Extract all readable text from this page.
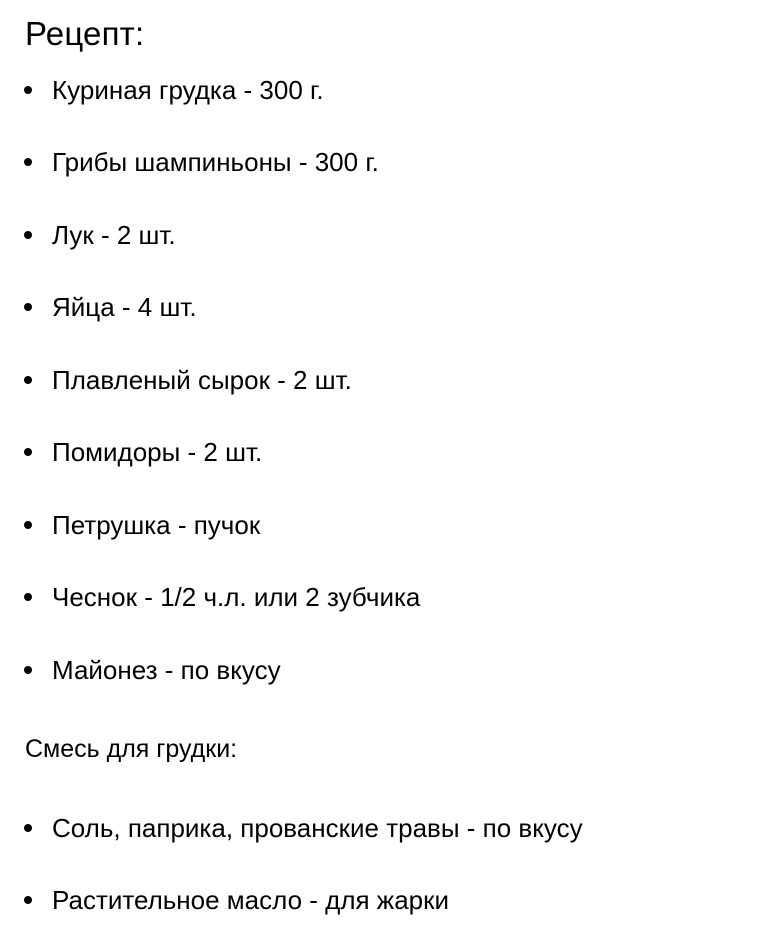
Рецепт:
Куриная грудка - 300 г.
Грибы шампиньоны - 300 г.
Лук - 2 шт.
Яйца - 4 шт.
Плавленый сырок - 2 шт.
Помидоры - 2 шт.
Петрушка - пучок
Чеснок - 1/2 ч.л. или 2 зубчика
Майонез - по вкусу
Смесь для грудки:
Соль, паприка, прованские травы - по вкусу
Растительное масло - для жарки
